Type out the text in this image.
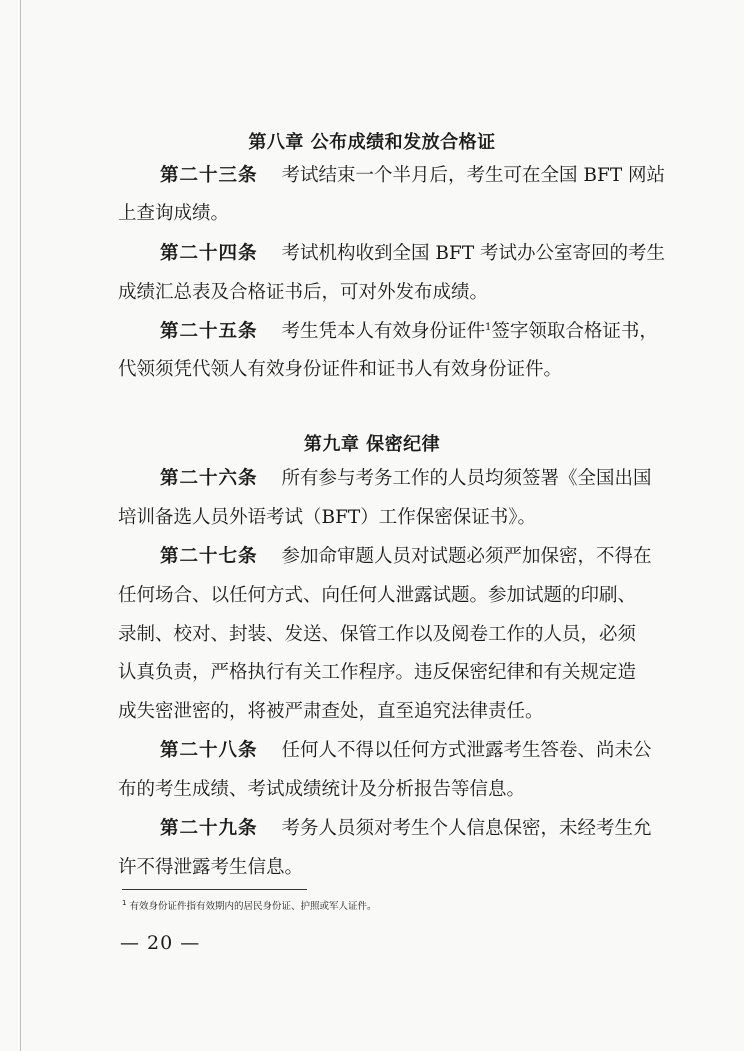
第八章 公布成绩和发放合格证
第二十三条 考试结束一个半月后，考生可在全国 BFT 网站
上查询成绩。
第二十四条 考试机构收到全国 BFT 考试办公室寄回的考生
成绩汇总表及合格证书后，可对外发布成绩。
第二十五条 考生凭本人有效身份证件$^1$签字领取合格证书，
代领须凭代领人有效身份证件和证书人有效身份证件。
第九章 保密纪律
第二十六条 所有参与考务工作的人员均须签署《全国出国
培训备选人员外语考试（BFT）工作保密保证书》。
第二十七条 参加命审题人员对试题必须严加保密，不得在
任何场合、以任何方式、向任何人泄露试题。参加试题的印刷、
录制、校对、封装、发送、保管工作以及阅卷工作的人员，必须
认真负责，严格执行有关工作程序。违反保密纪律和有关规定造
成失密泄密的，将被严肃查处，直至追究法律责任。
第二十八条 任何人不得以任何方式泄露考生答卷、尚未公
布的考生成绩、考试成绩统计及分析报告等信息。
第二十九条 考务人员须对考生个人信息保密，未经考生允
许不得泄露考生信息。
$^1$ 有效身份证件指有效期内的居民身份证、护照或军人证件。
— 20 —
